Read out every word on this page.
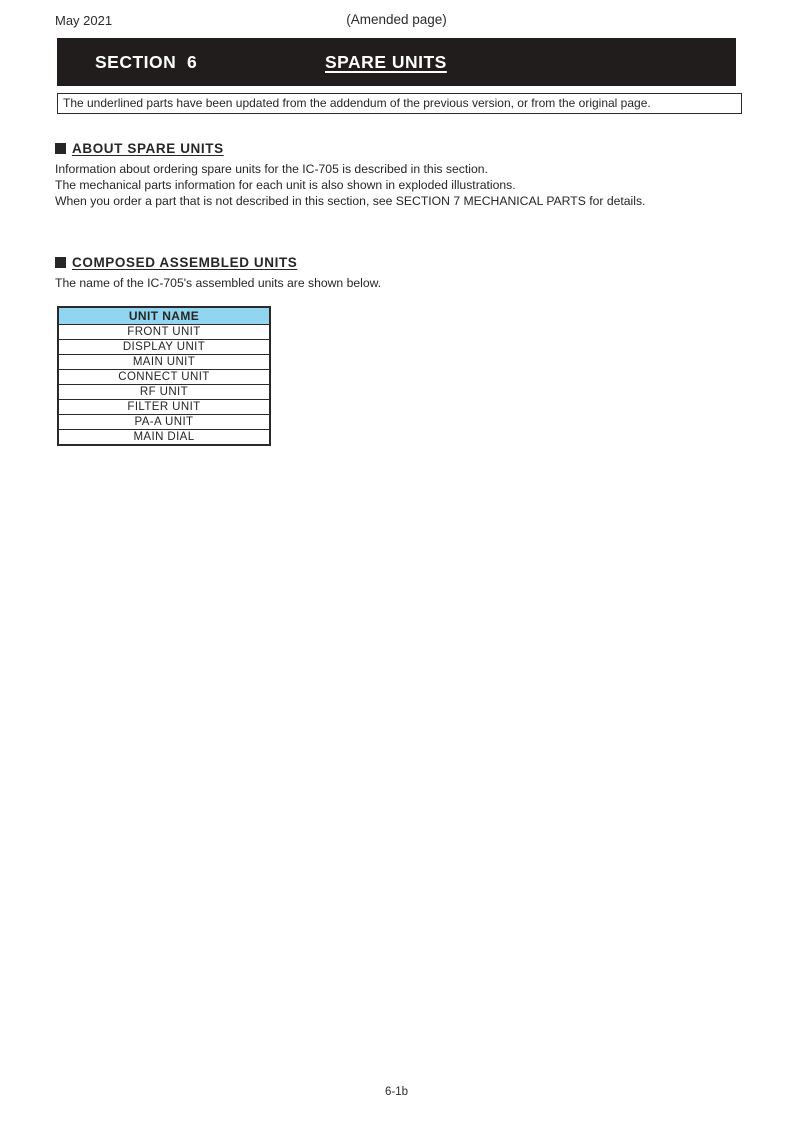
May 2021	(Amended page)
SECTION  6	SPARE UNITS
The underlined parts have been updated from the addendum of the previous version, or from the original page.
ABOUT SPARE UNITS
Information about ordering spare units for the IC-705 is described in this section.
The mechanical parts information for each unit is also shown in exploded illustrations.
When you order a part that is not described in this section, see SECTION 7 MECHANICAL PARTS for details.
COMPOSED ASSEMBLED UNITS
The name of the IC-705's assembled units are shown below.
UNIT NAME
FRONT UNIT
DISPLAY UNIT
MAIN UNIT
CONNECT UNIT
RF UNIT
FILTER UNIT
PA-A UNIT
MAIN DIAL
6-1b
